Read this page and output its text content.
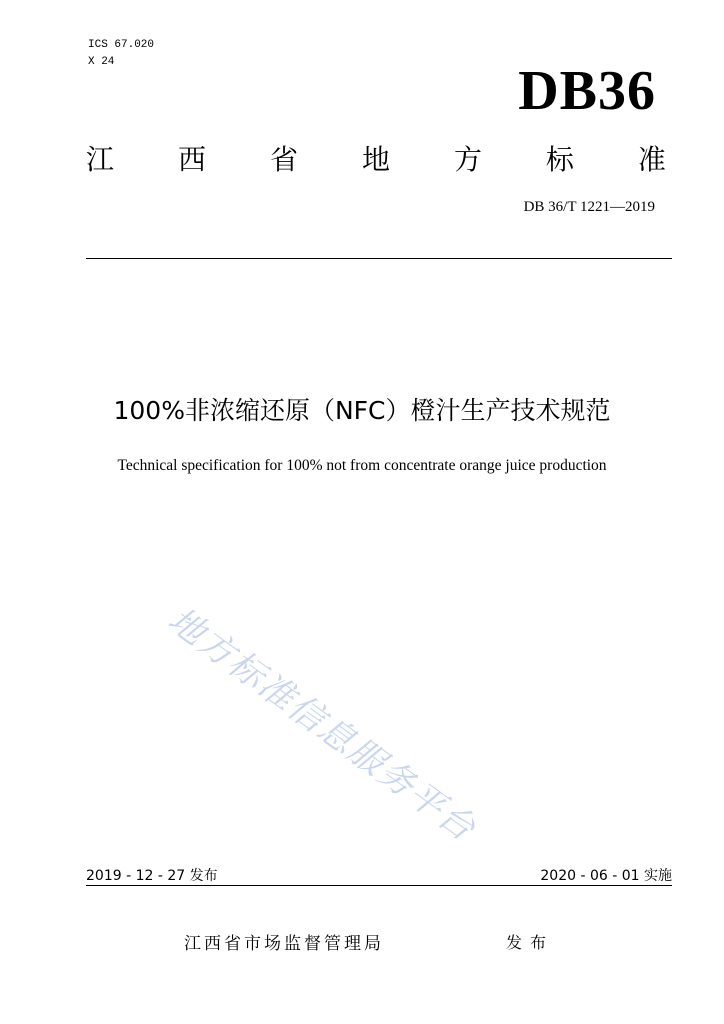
ICS 67.020
X 24	DB36
江 西 省 地 方 标 准
DB 36/T 1221—2019
100%非浓缩还原（NFC）橙汁生产技术规范
Technical specification for 100% not from concentrate orange juice production
地方标准信息服务平台
2019 - 12 - 27 发布	2020 - 06 - 01 实施
江西省市场监督管理局	发布
